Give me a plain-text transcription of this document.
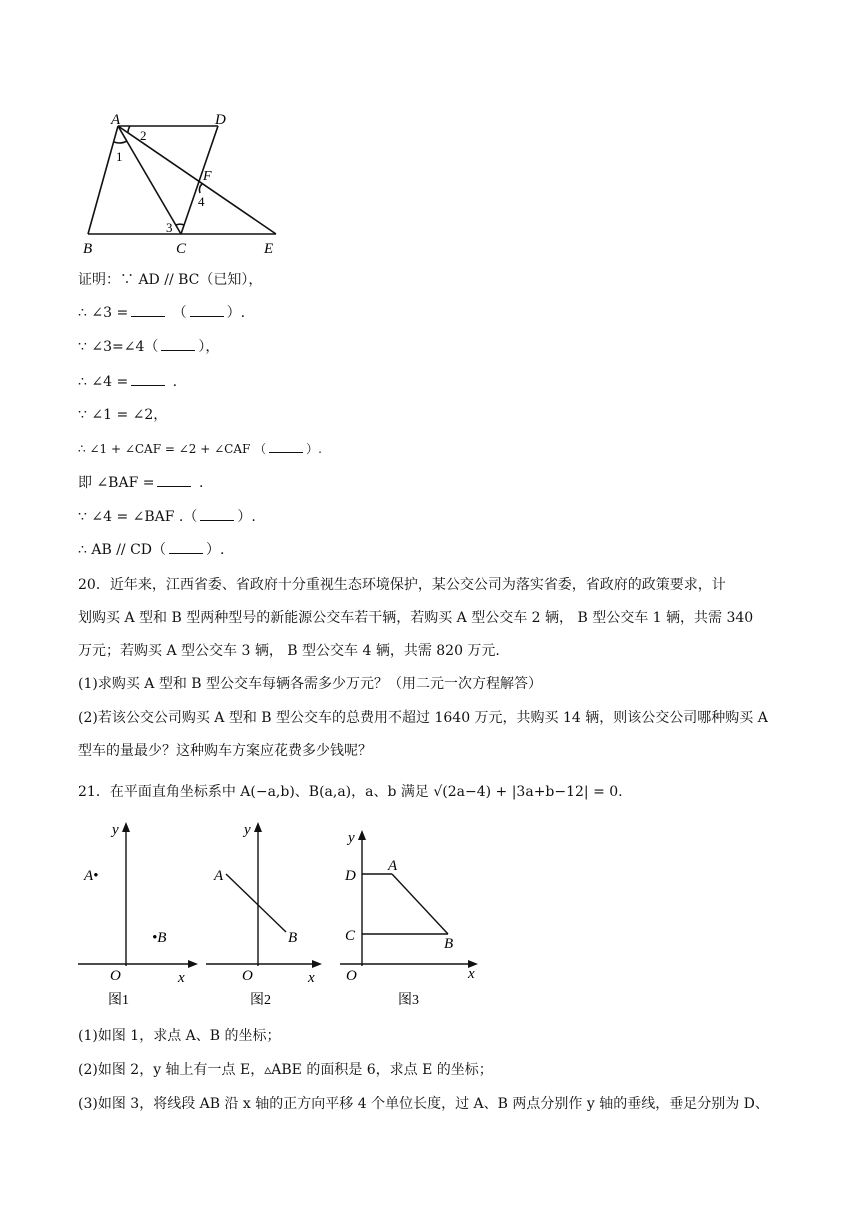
A	D
1
2
F
4
3
B	C	E
证明：∵ AD // BC（已知），
∴ ∠3 =	（	）.
∵ ∠3=∠4（	），
∴ ∠4 =	.
∵ ∠1 = ∠2，
∴ ∠1 + ∠CAF = ∠2 + ∠CAF （	）.
即 ∠BAF =	.
∵ ∠4 = ∠BAF .（	）.
∴ AB // CD（	）.
20．近年来，江西省委、省政府十分重视生态环境保护，某公交公司为落实省委，省政府的政策要求，计
划购买 A 型和 B 型两种型号的新能源公交车若干辆，若购买 A 型公交车 2 辆， B 型公交车 1 辆，共需 340
万元；若购买 A 型公交车 3 辆， B 型公交车 4 辆，共需 820 万元.
(1)求购买 A 型和 B 型公交车每辆各需多少万元？（用二元一次方程解答）
(2)若该公交公司购买 A 型和 B 型公交车的总费用不超过 1640 万元，共购买 14 辆，则该公交公司哪种购买 A
型车的量最少？这种购车方案应花费多少钱呢？
21．在平面直角坐标系中 A(−a,b)、B(a,a)，a、b 满足 √(2a−4) + |3a+b−12| = 0.
y
x
O
A•
•B
图1
y
x
O
A
B
图2
y
x
O
D
A
C	B
图3
(1)如图 1，求点 A、B 的坐标；
(2)如图 2，y 轴上有一点 E，▵ABE 的面积是 6，求点 E 的坐标；
(3)如图 3，将线段 AB 沿 x 轴的正方向平移 4 个单位长度，过 A、B 两点分别作 y 轴的垂线，垂足分别为 D、
